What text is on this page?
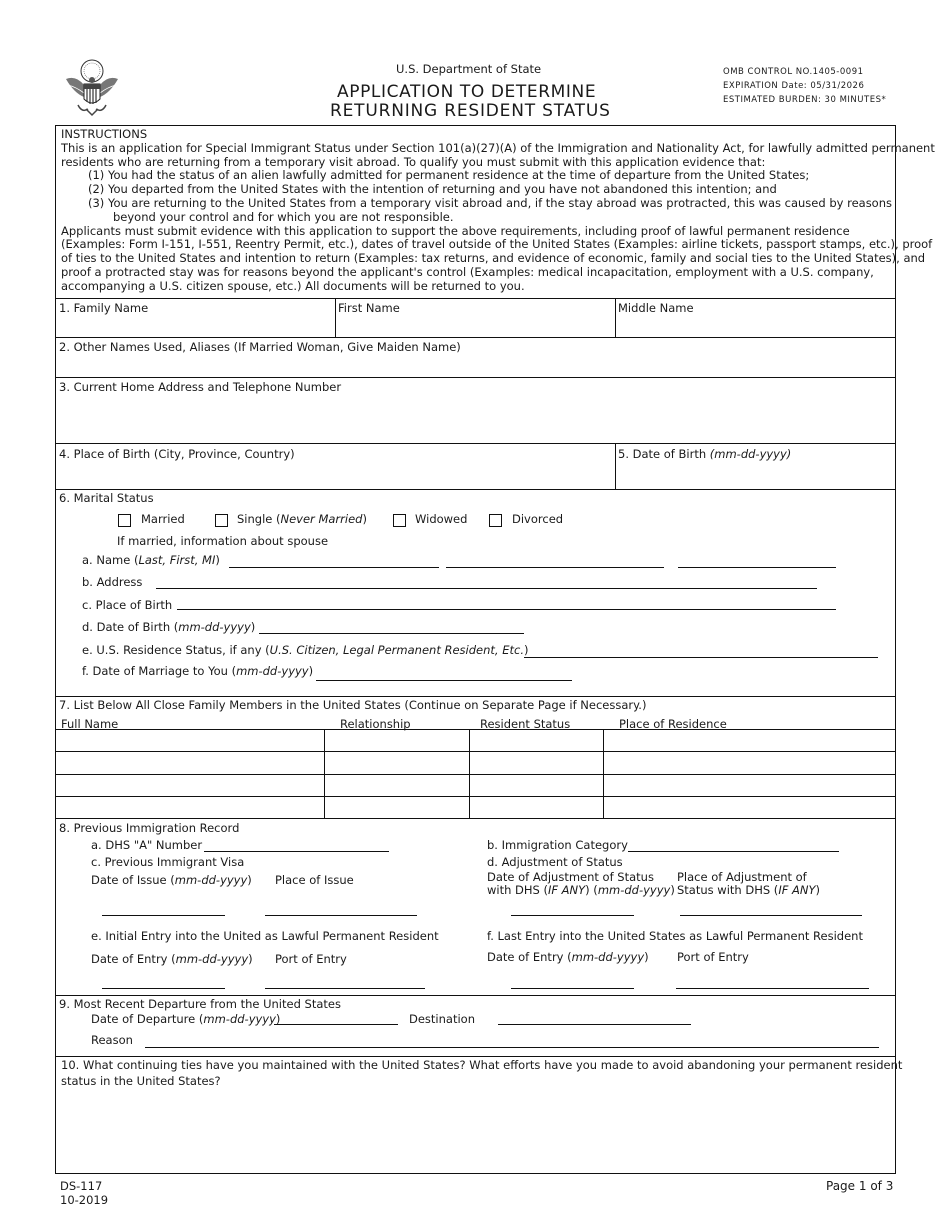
U.S. Department of State
APPLICATION TO DETERMINE
RETURNING RESIDENT STATUS
OMB CONTROL NO.1405-0091
EXPIRATION Date: 05/31/2026
ESTIMATED BURDEN: 30 MINUTES*
INSTRUCTIONS
This is an application for Special Immigrant Status under Section 101(a)(27)(A) of the Immigration and Nationality Act, for lawfully admitted permanent
residents who are returning from a temporary visit abroad. To qualify you must submit with this application evidence that:
(1) You had the status of an alien lawfully admitted for permanent residence at the time of departure from the United States;
(2) You departed from the United States with the intention of returning and you have not abandoned this intention; and
(3) You are returning to the United States from a temporary visit abroad and, if the stay abroad was protracted, this was caused by reasons
beyond your control and for which you are not responsible.
Applicants must submit evidence with this application to support the above requirements, including proof of lawful permanent residence
(Examples: Form I-151, I-551, Reentry Permit, etc.), dates of travel outside of the United States (Examples: airline tickets, passport stamps, etc.), proof
of ties to the United States and intention to return (Examples: tax returns, and evidence of economic, family and social ties to the United States), and
proof a protracted stay was for reasons beyond the applicant's control (Examples: medical incapacitation, employment with a U.S. company,
accompanying a U.S. citizen spouse, etc.) All documents will be returned to you.
1. Family Name	First Name	Middle Name
2. Other Names Used, Aliases (If Married Woman, Give Maiden Name)
3. Current Home Address and Telephone Number
4. Place of Birth (City, Province, Country)	5. Date of Birth (mm-dd-yyyy)
6. Marital Status
Married	Single (Never Married)	Widowed	Divorced
If married, information about spouse
a. Name (Last, First, MI)
b. Address
c. Place of Birth
d. Date of Birth (mm-dd-yyyy)
e. U.S. Residence Status, if any (U.S. Citizen, Legal Permanent Resident, Etc.)
f. Date of Marriage to You (mm-dd-yyyy)
7. List Below All Close Family Members in the United States (Continue on Separate Page if Necessary.)
Full Name	Relationship	Resident Status	Place of Residence
8. Previous Immigration Record
a. DHS "A" Number	b. Immigration Category
c. Previous Immigrant Visa	d. Adjustment of Status
Date of Issue (mm-dd-yyyy) Place of Issue	Date of Adjustment of Status
with DHS (IF ANY) (mm-dd-yyyy)
Place of Adjustment of
Status with DHS (IF ANY)
e. Initial Entry into the United as Lawful Permanent Resident	f. Last Entry into the United States as Lawful Permanent Resident
Date of Entry (mm-dd-yyyy) Port of Entry	Date of Entry (mm-dd-yyyy) Port of Entry
9. Most Recent Departure from the United States
Date of Departure (mm-dd-yyyy)	Destination
Reason
10. What continuing ties have you maintained with the United States? What efforts have you made to avoid abandoning your permanent resident
status in the United States?
DS-117
10-2019
Page 1 of 3
